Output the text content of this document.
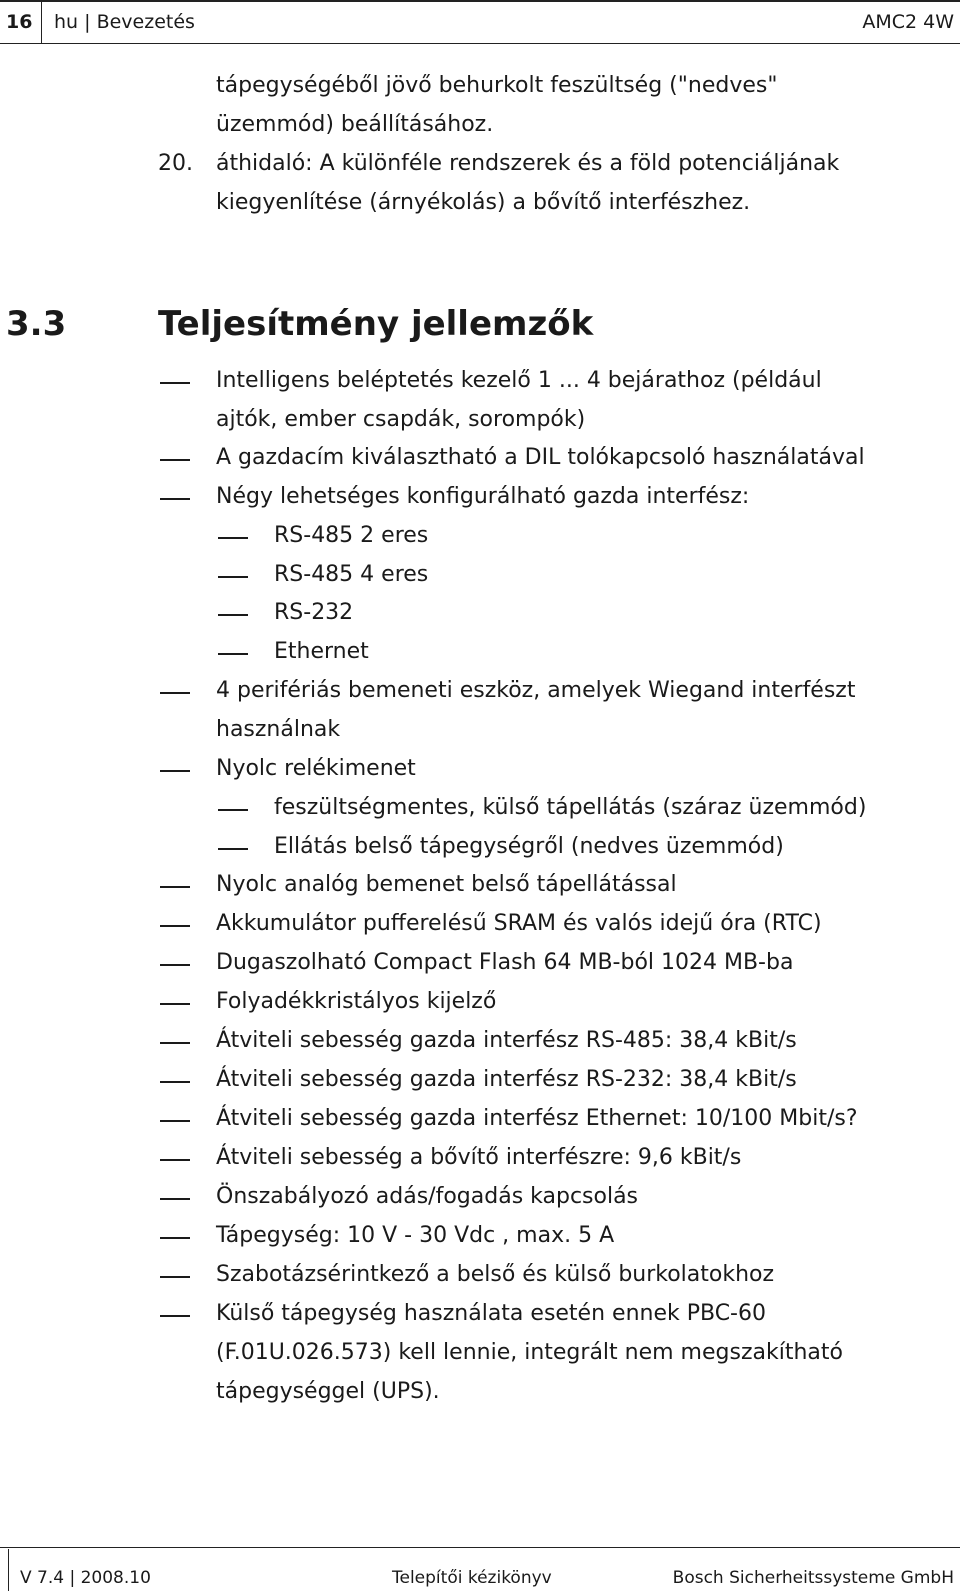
16 hu | Bevezetés	AMC2 4W
tápegységéből jövő behurkolt feszültség ("nedves"
üzemmód) beállításához.
20. áthidaló: A különféle rendszerek és a föld potenciáljának
kiegyenlítése (árnyékolás) a bővítő interfészhez.
3.3	Teljesítmény jellemzők
Intelligens beléptetés kezelő 1 ... 4 bejárathoz (például
ajtók, ember csapdák, sorompók)
A gazdacím kiválasztható a DIL tolókapcsoló használatával
Négy lehetséges konfigurálható gazda interfész:
RS-485 2 eres
RS-485 4 eres
RS-232
Ethernet
4 perifériás bemeneti eszköz, amelyek Wiegand interfészt
használnak
Nyolc relékimenet
feszültségmentes, külső tápellátás (száraz üzemmód)
Ellátás belső tápegységről (nedves üzemmód)
Nyolc analóg bemenet belső tápellátással
Akkumulátor pufferelésű SRAM és valós idejű óra (RTC)
Dugaszolható Compact Flash 64 MB-ból 1024 MB-ba
Folyadékkristályos kijelző
Átviteli sebesség gazda interfész RS-485: 38,4 kBit/s
Átviteli sebesség gazda interfész RS-232: 38,4 kBit/s
Átviteli sebesség gazda interfész Ethernet: 10/100 Mbit/s?
Átviteli sebesség a bővítő interfészre: 9,6 kBit/s
Önszabályozó adás/fogadás kapcsolás
Tápegység: 10 V - 30 Vdc , max. 5 A
Szabotázsérintkező a belső és külső burkolatokhoz
Külső tápegység használata esetén ennek PBC-60
(F.01U.026.573) kell lennie, integrált nem megszakítható
tápegységgel (UPS).
V 7.4 | 2008.10	Telepítői kézikönyv	Bosch Sicherheitssysteme GmbH
